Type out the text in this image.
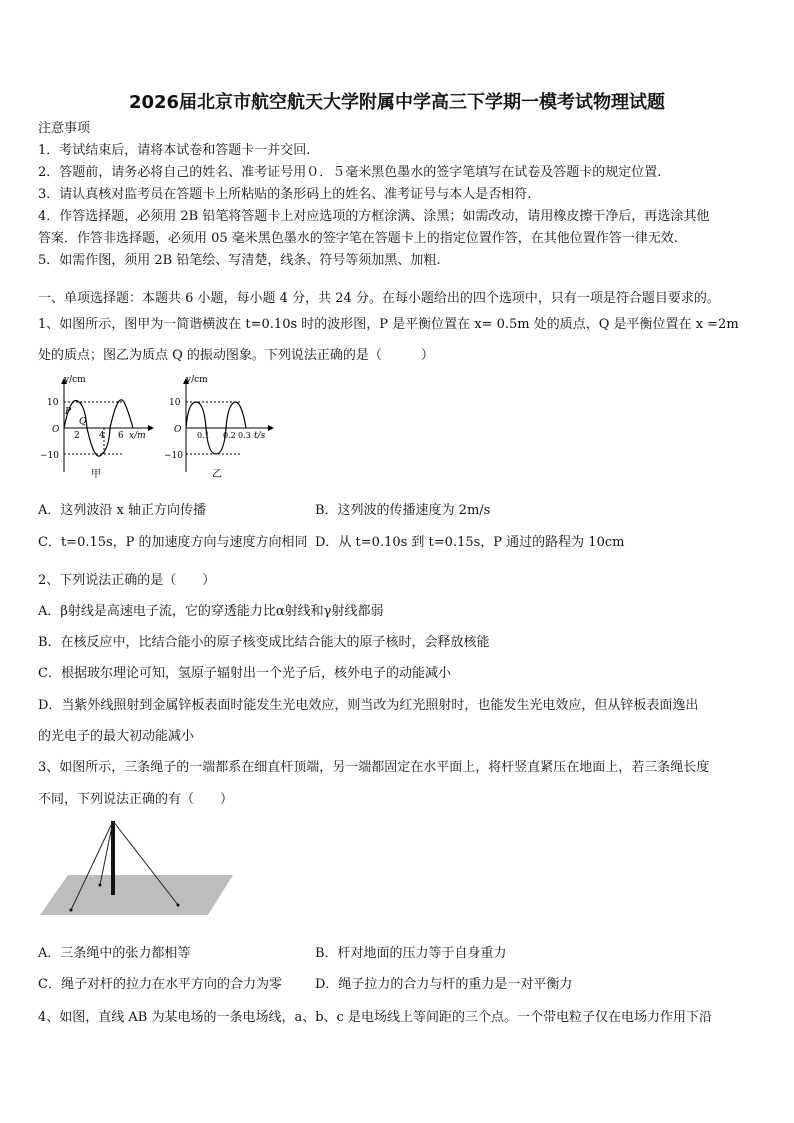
2026届北京市航空航天大学附属中学高三下学期一模考试物理试题
注意事项
1．考试结束后，请将本试卷和答题卡一并交回.
2．答题前，请务必将自己的姓名、准考证号用０．５毫米黑色墨水的签字笔填写在试卷及答题卡的规定位置.
3．请认真核对监考员在答题卡上所粘贴的条形码上的姓名、准考证号与本人是否相符.
4．作答选择题，必须用 2B 铅笔将答题卡上对应选项的方框涂满、涂黑；如需改动，请用橡皮擦干净后，再选涂其他
答案．作答非选择题，必须用 05 毫米黑色墨水的签字笔在答题卡上的指定位置作答，在其他位置作答一律无效.
5．如需作图，须用 2B 铅笔绘、写清楚，线条、符号等须加黑、加粗.
一、单项选择题：本题共 6 小题，每小题 4 分，共 24 分。在每小题给出的四个选项中，只有一项是符合题目要求的。
1、如图所示，图甲为一简谐横波在 t=0.10s 时的波形图，P 是平衡位置在 x= 0.5m 处的质点，Q 是平衡位置在 x =2m
处的质点；图乙为质点 Q 的振动图象。下列说法正确的是（　　　）
y/cm
x/m
10
−10
O
2 4 6
P
Q
甲
y/cm
t/s
10
−10
O
0.1 0.2 0.3
乙
A．这列波沿 x 轴正方向传播	B．这列波的传播速度为 2m/s
C．t=0.15s，P 的加速度方向与速度方向相同 D．从 t=0.10s 到 t=0.15s，P 通过的路程为 10cm
2、下列说法正确的是（　　）
A．β射线是高速电子流，它的穿透能力比α射线和γ射线都弱
B．在核反应中，比结合能小的原子核变成比结合能大的原子核时，会释放核能
C．根据玻尔理论可知，氢原子辐射出一个光子后，核外电子的动能减小
D．当紫外线照射到金属锌板表面时能发生光电效应，则当改为红光照射时，也能发生光电效应，但从锌板表面逸出
的光电子的最大初动能减小
3、如图所示，三条绳子的一端都系在细直杆顶端，另一端都固定在水平面上，将杆竖直紧压在地面上，若三条绳长度
不同，下列说法正确的有（　　）
A．三条绳中的张力都相等	B．杆对地面的压力等于自身重力
C．绳子对杆的拉力在水平方向的合力为零	D．绳子拉力的合力与杆的重力是一对平衡力
4、如图，直线 AB 为某电场的一条电场线，a、b、c 是电场线上等间距的三个点。一个带电粒子仅在电场力作用下沿
